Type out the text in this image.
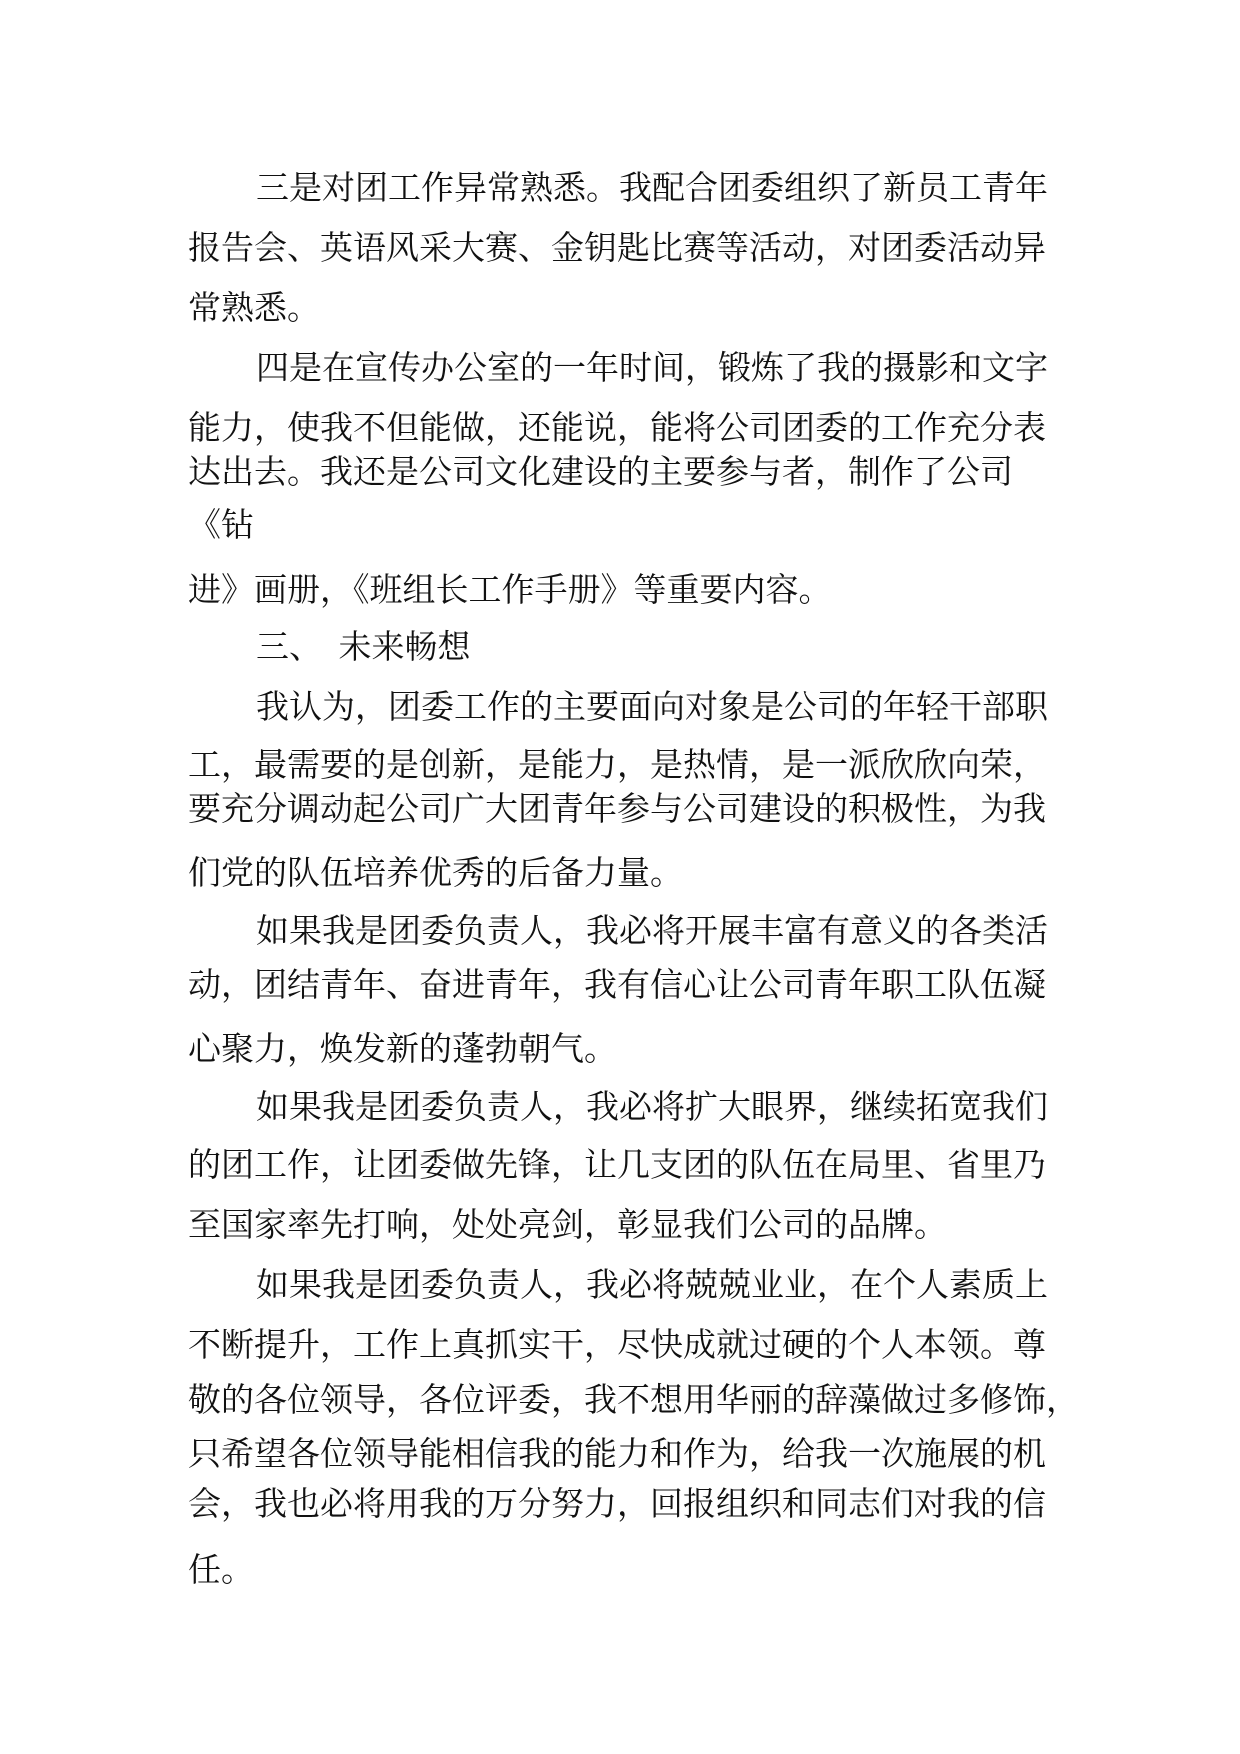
三是对团工作异常熟悉。我配合团委组织了新员工青年

报告会、英语风采大赛、金钥匙比赛等活动，对团委活动异

常熟悉。

四是在宣传办公室的一年时间，锻炼了我的摄影和文字

能力，使我不但能做，还能说，能将公司团委的工作充分表

达出去。我还是公司文化建设的主要参与者，制作了公司

《钻

进》画册，《班组长工作手册》等重要内容。

三、　未来畅想

我认为，团委工作的主要面向对象是公司的年轻干部职

工，最需要的是创新，是能力，是热情，是一派欣欣向荣，

要充分调动起公司广大团青年参与公司建设的积极性，为我

们党的队伍培养优秀的后备力量。

如果我是团委负责人，我必将开展丰富有意义的各类活

动，团结青年、奋进青年，我有信心让公司青年职工队伍凝

心聚力，焕发新的蓬勃朝气。

如果我是团委负责人，我必将扩大眼界，继续拓宽我们

的团工作，让团委做先锋，让几支团的队伍在局里、省里乃

至国家率先打响，处处亮剑，彰显我们公司的品牌。

如果我是团委负责人，我必将兢兢业业，在个人素质上

不断提升，工作上真抓实干，尽快成就过硬的个人本领。尊

敬的各位领导，各位评委，我不想用华丽的辞藻做过多修饰，

只希望各位领导能相信我的能力和作为，给我一次施展的机

会，我也必将用我的万分努力，回报组织和同志们对我的信

任。
